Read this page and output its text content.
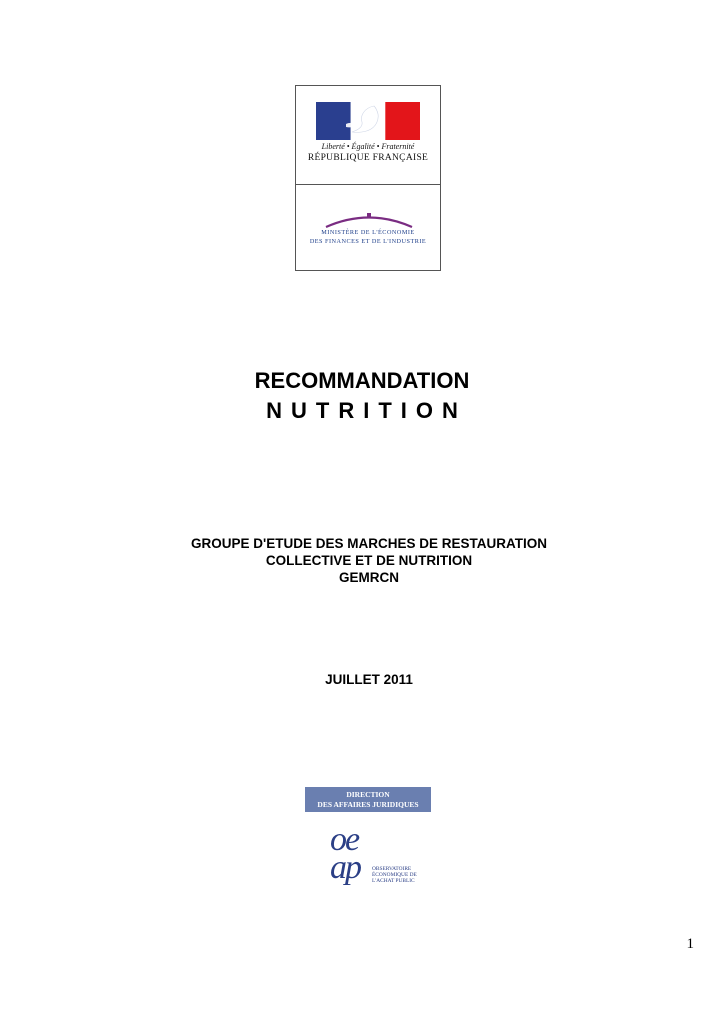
Liberté • Égalité • Fraternité
RÉPUBLIQUE FRANÇAISE
MINISTÈRE DE L'ÉCONOMIE
DES FINANCES ET DE L'INDUSTRIE
RECOMMANDATION
NUTRITION
GROUPE D'ETUDE DES MARCHES DE RESTAURATION
COLLECTIVE ET DE NUTRITION
GEMRCN
JUILLET 2011
DIRECTION
DES AFFAIRES JURIDIQUES
oe
ap OBSERVATOIRE
ÉCONOMIQUE DE
L'ACHAT PUBLIC
1
